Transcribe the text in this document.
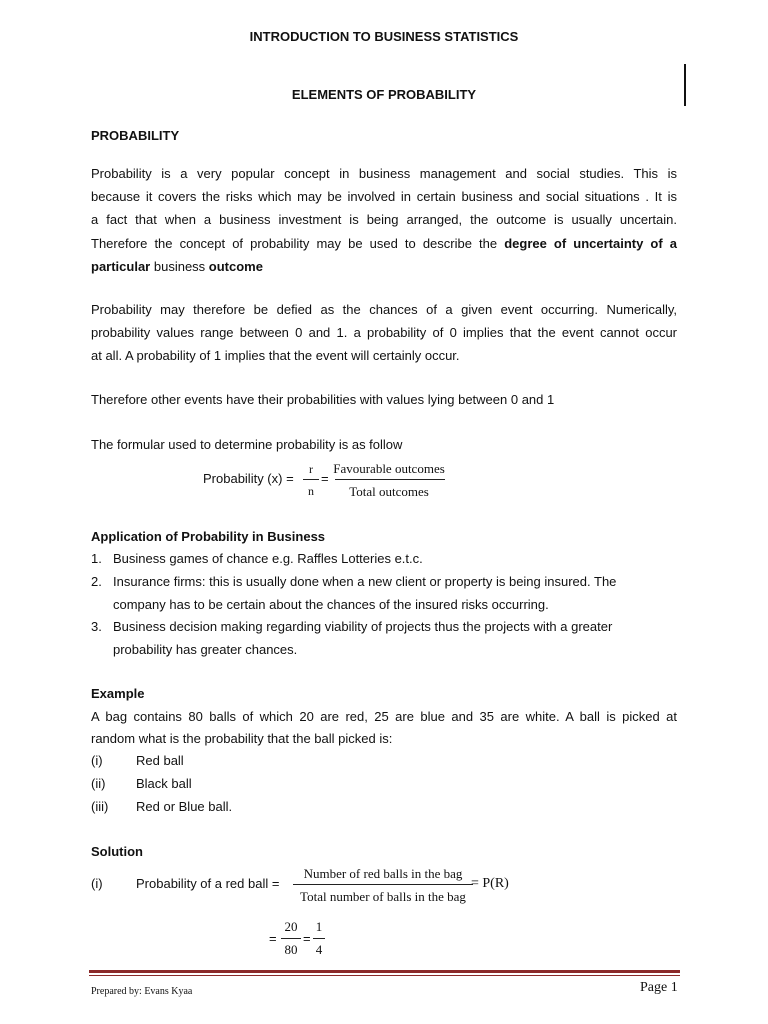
INTRODUCTION TO BUSINESS STATISTICS
ELEMENTS OF PROBABILITY
PROBABILITY
Probability is a very popular concept in business management and social studies. This is
because it covers the risks which may be involved in certain business and social situations . It is
a fact that when a business investment is being arranged, the outcome is usually uncertain.
Therefore the concept of probability may be used to describe the degree of uncertainty of a
particular business outcome
Probability may therefore be defied as the chances of a given event occurring. Numerically,
probability values range between 0 and 1. a probability of 0 implies that the event cannot occur
at all. A probability of 1 implies that the event will certainly occur.
Therefore other events have their probabilities with values lying between 0 and 1
The formular used to determine probability is as follow
Probability (x) =
r
n
=
Favourable outcomes
Total outcomes
Application of Probability in Business
1. Business games of chance e.g. Raffles Lotteries e.t.c.
2. Insurance firms: this is usually done when a new client or property is being insured. The
company has to be certain about the chances of the insured risks occurring.
3. Business decision making regarding viability of projects thus the projects with a greater
probability has greater chances.
Example
A bag contains 80 balls of which 20 are red, 25 are blue and 35 are white. A ball is picked at
random what is the probability that the ball picked is:
(i)	Red ball
(ii) Black ball
(iii) Red or Blue ball.
Solution
(i)	Probability of a red ball =
Number of red balls in the bag
Total number of balls in the bag
= P(R)
=
20
80
=
1
4
Prepared by: Evans Kyaa	Page 1
